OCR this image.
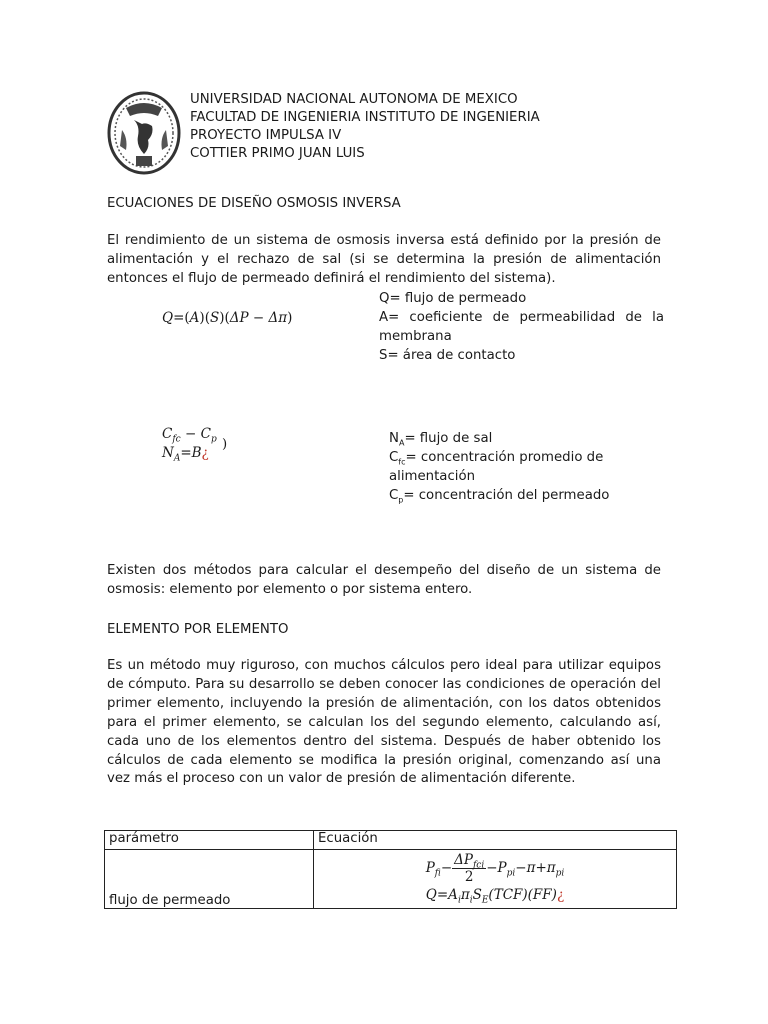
UNIVERSIDAD NACIONAL AUTONOMA DE MEXICO
FACULTAD DE INGENIERIA INSTITUTO DE INGENIERIA
PROYECTO IMPULSA IV
COTTIER PRIMO JUAN LUIS
ECUACIONES DE DISEÑO OSMOSIS INVERSA
El rendimiento de un sistema de osmosis inversa está definido por la presión de alimentación y el rechazo de sal (si se determina la presión de alimentación entonces el flujo de permeado definirá el rendimiento del sistema).
Q=(A)(S)(ΔP − Δπ)
Q= flujo de permeado
A= coeficiente de permeabilidad de la membrana
S= área de contacto
$C_{fc} - C_p$
$N_A=B¿$
)	$N_A=$ flujo de sal
$C_{fc}=$ concentración promedio de alimentación
$C_p=$ concentración del permeado
Existen dos métodos para calcular el desempeño del diseño de un sistema de osmosis: elemento por elemento o por sistema entero.
ELEMENTO POR ELEMENTO
Es un método muy riguroso, con muchos cálculos pero ideal para utilizar equipos de cómputo. Para su desarrollo se deben conocer las condiciones de operación del primer elemento, incluyendo la presión de alimentación, con los datos obtenidos para el primer elemento, se calculan los del segundo elemento, calculando así, cada uno de los elementos dentro del sistema. Después de haber obtenido los cálculos de cada elemento se modifica la presión original, comenzando así una vez más el proceso con un valor de presión de alimentación diferente.
parámetro	Ecuación
flujo de permeado	$P_{fi}- \frac{\Delta P_{fci}}{2} -P_{pi}-\pi+\pi_{pi}$
$Q=A_i\pi_iS_E(TCF)(FF)¿$
